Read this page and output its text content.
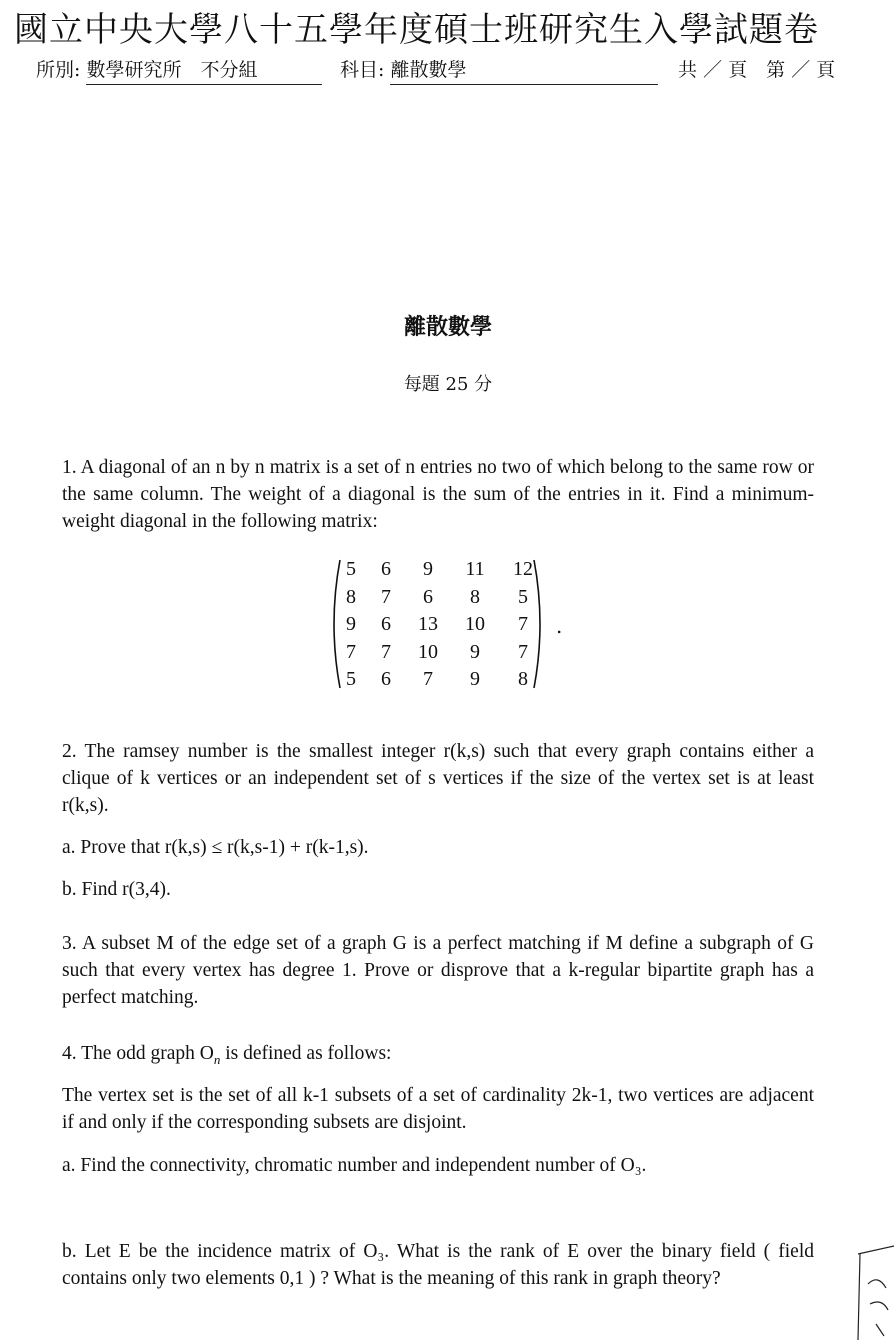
國立中央大學八十五學年度碩士班研究生入學試題卷
所別: 數學研究所　不分組	科目: 離散數學	共 ／ 頁　第 ／ 頁
離散數學
每題 25 分
1. A diagonal of an n by n matrix is a set of n entries no two of which belong to the same row or the same column. The weight of a diagonal is the sum of the entries in it. Find a minimum-weight diagonal in the following matrix:
5	6	9	11	12
8	7	6	8	5
9	6	13	10	7
7	7	10	9	7
5	6	7	9	8
.
2. The ramsey number is the smallest integer r(k,s) such that every graph contains either a clique of k vertices or an independent set of s vertices if the size of the vertex set is at least r(k,s).
a. Prove that r(k,s) ≤ r(k,s-1) + r(k-1,s).
b. Find r(3,4).
3. A subset M of the edge set of a graph G is a perfect matching if M define a subgraph of G such that every vertex has degree 1. Prove or disprove that a k-regular bipartite graph has a perfect matching.
4. The odd graph $O_n$ is defined as follows:
The vertex set is the set of all k-1 subsets of a set of cardinality 2k-1, two vertices are adjacent if and only if the corresponding subsets are disjoint.
a. Find the connectivity, chromatic number and independent number of O₃.
b. Let E be the incidence matrix of O₃. What is the rank of E over the binary field ( field contains only two elements 0,1 ) ? What is the meaning of this rank in graph theory?
